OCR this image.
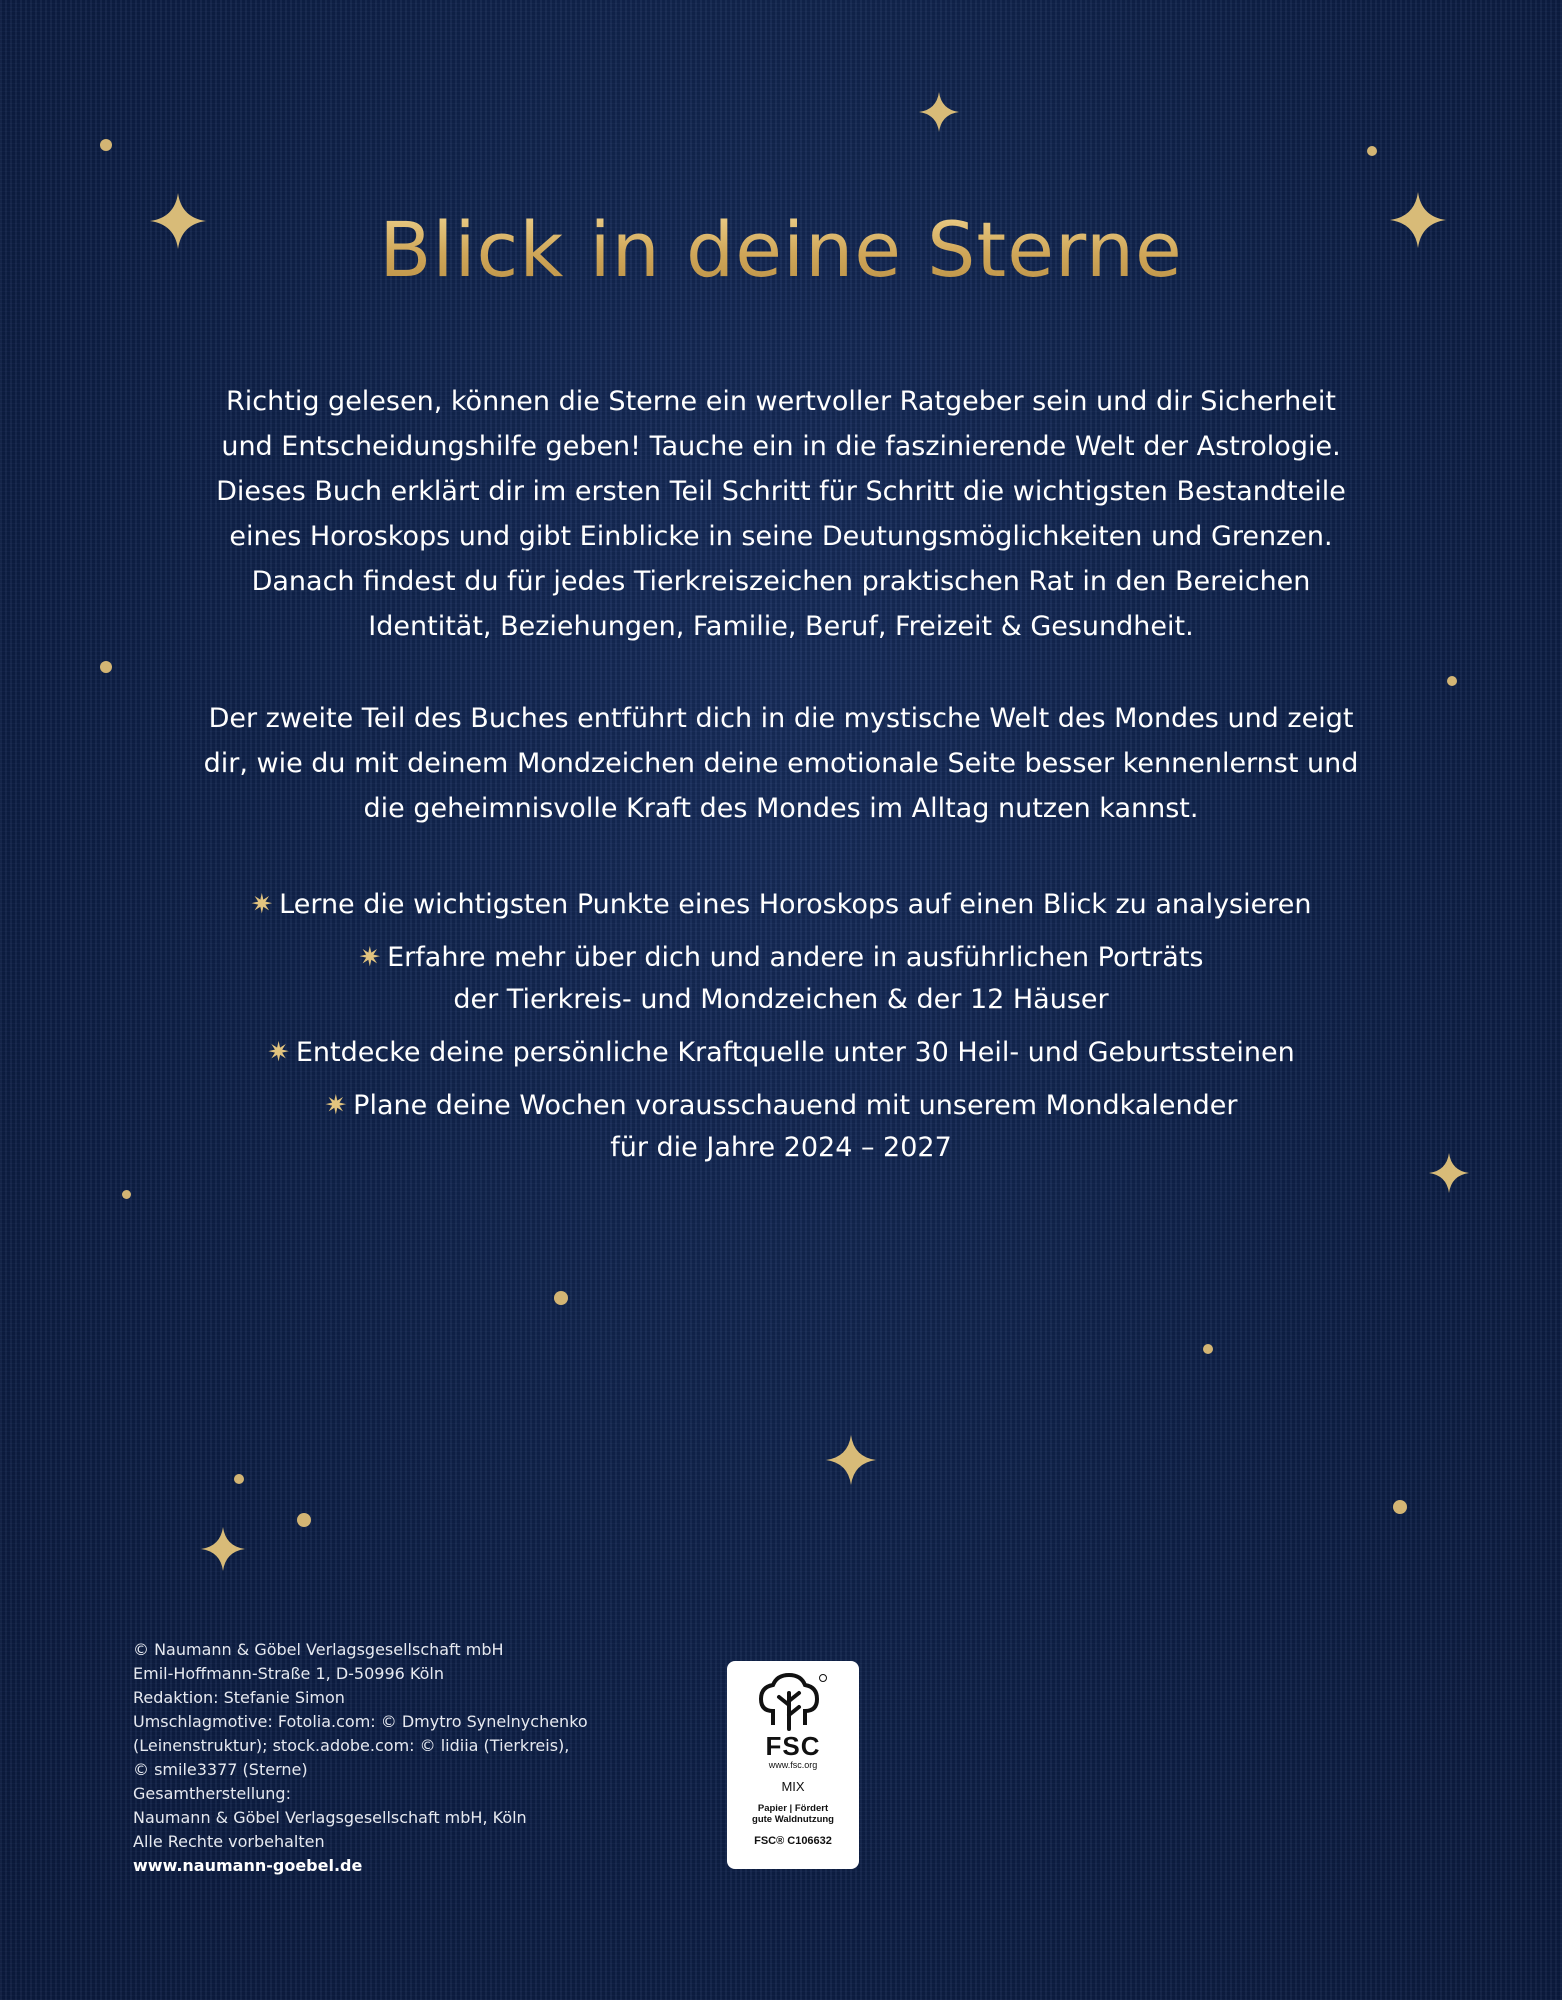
Blick in deine Sterne
Richtig gelesen, können die Sterne ein wertvoller Ratgeber sein und dir Sicherheit
und Entscheidungshilfe geben! Tauche ein in die faszinierende Welt der Astrologie.
Dieses Buch erklärt dir im ersten Teil Schritt für Schritt die wichtigsten Bestandteile
eines Horoskops und gibt Einblicke in seine Deutungsmöglichkeiten und Grenzen.
Danach findest du für jedes Tierkreiszeichen praktischen Rat in den Bereichen
Identität, Beziehungen, Familie, Beruf, Freizeit & Gesundheit.
Der zweite Teil des Buches entführt dich in die mystische Welt des Mondes und zeigt
dir, wie du mit deinem Mondzeichen deine emotionale Seite besser kennenlernst und
die geheimnisvolle Kraft des Mondes im Alltag nutzen kannst.
✷ Lerne die wichtigsten Punkte eines Horoskops auf einen Blick zu analysieren
✷ Erfahre mehr über dich und andere in ausführlichen Porträts
der Tierkreis- und Mondzeichen & der 12 Häuser
✷ Entdecke deine persönliche Kraftquelle unter 30 Heil- und Geburtssteinen
✷ Plane deine Wochen vorausschauend mit unserem Mondkalender
für die Jahre 2024 – 2027
© Naumann & Göbel Verlagsgesellschaft mbH
Emil-Hoffmann-Straße 1, D-50996 Köln
Redaktion: Stefanie Simon
Umschlagmotive: Fotolia.com: © Dmytro Synelnychenko
(Leinenstruktur); stock.adobe.com: © lidiia (Tierkreis),
© smile3377 (Sterne)
Gesamtherstellung:
Naumann & Göbel Verlagsgesellschaft mbH, Köln
Alle Rechte vorbehalten
www.naumann-goebel.de
FSC
www.fsc.org
MIX
Papier | Fördert
gute Waldnutzung
FSC® C106632
